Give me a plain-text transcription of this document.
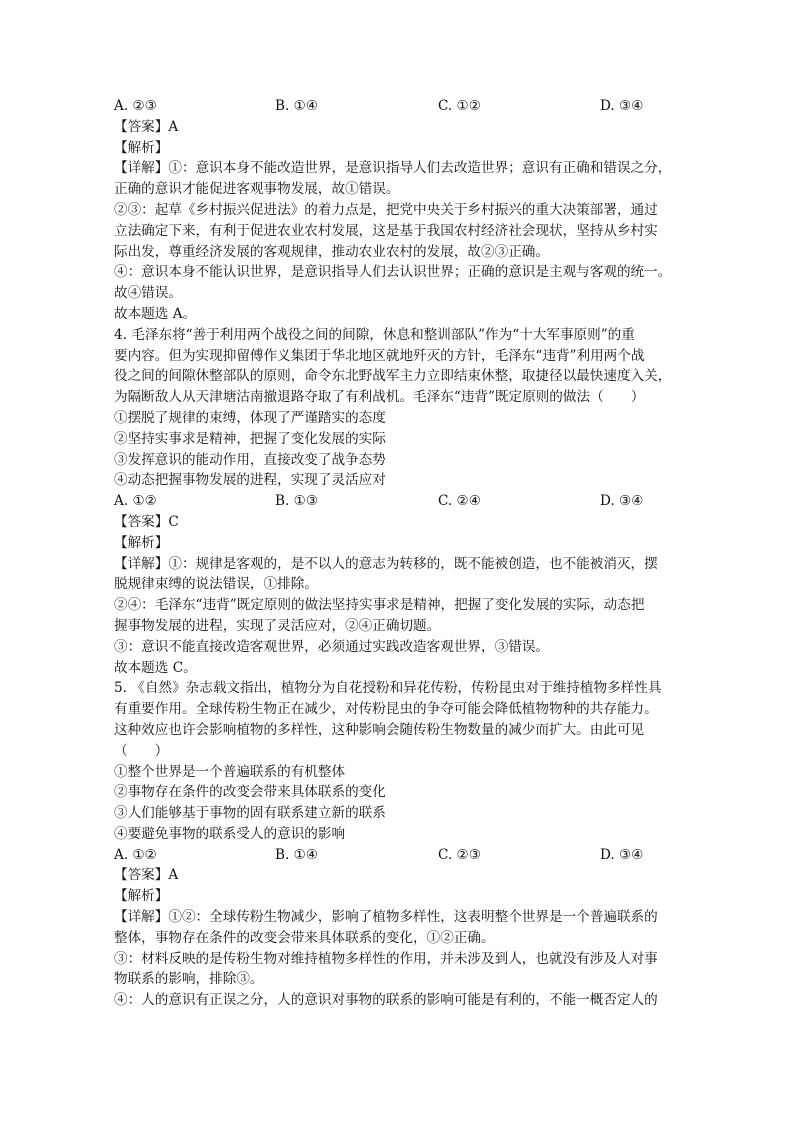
A. ②③	B. ①④	C. ①②	D. ③④
【答案】A
【解析】
【详解】①：意识本身不能改造世界，是意识指导人们去改造世界；意识有正确和错误之分，
正确的意识才能促进客观事物发展，故①错误。
②③：起草《乡村振兴促进法》的着力点是，把党中央关于乡村振兴的重大决策部署，通过
立法确定下来，有利于促进农业农村发展，这是基于我国农村经济社会现状，坚持从乡村实
际出发，尊重经济发展的客观规律，推动农业农村的发展，故②③正确。
④：意识本身不能认识世界，是意识指导人们去认识世界；正确的意识是主观与客观的统一。
故④错误。
故本题选 A。
4. 毛泽东将“善于利用两个战役之间的间隙，休息和整训部队”作为“十大军事原则”的重
要内容。但为实现抑留傅作义集团于华北地区就地歼灭的方针，毛泽东“违背”利用两个战
役之间的间隙休整部队的原则，命令东北野战军主力立即结束休整，取捷径以最快速度入关，
为隔断敌人从天津塘沽南撤退路夺取了有利战机。毛泽东“违背”既定原则的做法（　　）
①摆脱了规律的束缚，体现了严谨踏实的态度
②坚持实事求是精神，把握了变化发展的实际
③发挥意识的能动作用，直接改变了战争态势
④动态把握事物发展的进程，实现了灵活应对
A. ①②	B. ①③	C. ②④	D. ③④
【答案】C
【解析】
【详解】①：规律是客观的，是不以人的意志为转移的，既不能被创造，也不能被消灭，摆
脱规律束缚的说法错误，①排除。
②④：毛泽东“违背”既定原则的做法坚持实事求是精神，把握了变化发展的实际，动态把
握事物发展的进程，实现了灵活应对，②④正确切题。
③：意识不能直接改造客观世界，必须通过实践改造客观世界，③错误。
故本题选 C。
5. 《自然》杂志载文指出，植物分为自花授粉和异花传粉，传粉昆虫对于维持植物多样性具
有重要作用。全球传粉生物正在减少，对传粉昆虫的争夺可能会降低植物物种的共存能力。
这种效应也许会影响植物的多样性，这种影响会随传粉生物数量的减少而扩大。由此可见
（　　）
①整个世界是一个普遍联系的有机整体
②事物存在条件的改变会带来具体联系的变化
③人们能够基于事物的固有联系建立新的联系
④要避免事物的联系受人的意识的影响
A. ①②	B. ①④	C. ②③	D. ③④
【答案】A
【解析】
【详解】①②：全球传粉生物减少，影响了植物多样性，这表明整个世界是一个普遍联系的
整体，事物存在条件的改变会带来具体联系的变化，①②正确。
③：材料反映的是传粉生物对维持植物多样性的作用，并未涉及到人，也就没有涉及人对事
物联系的影响，排除③。
④：人的意识有正误之分，人的意识对事物的联系的影响可能是有利的，不能一概否定人的
